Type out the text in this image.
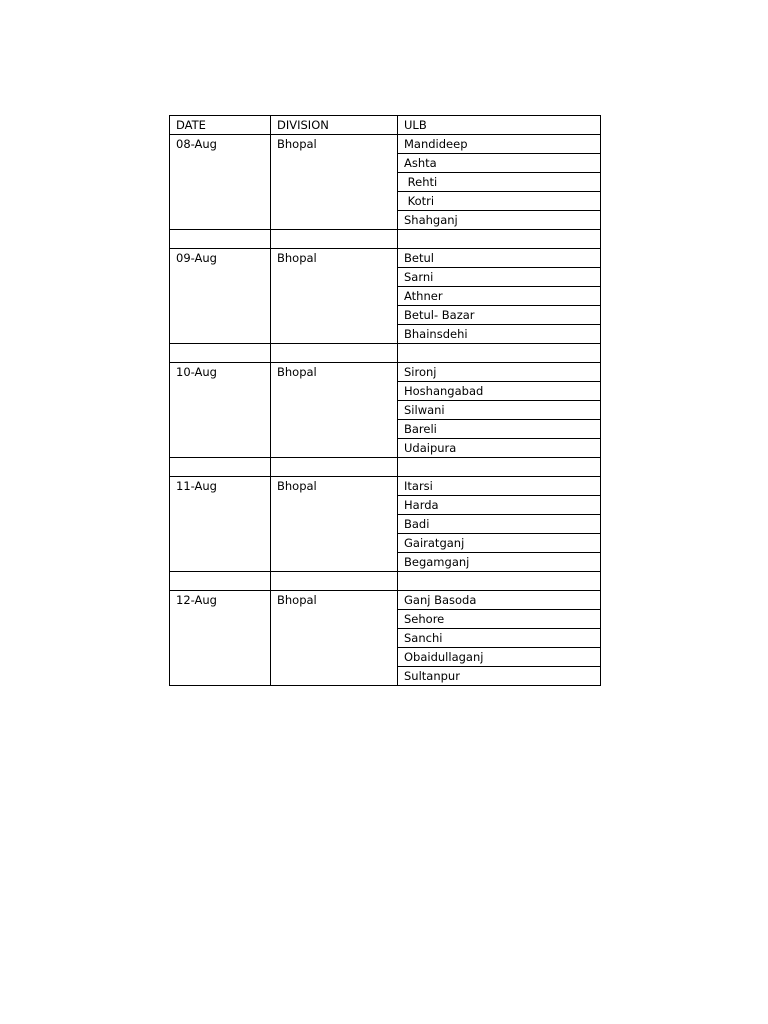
DATE	DIVISION	ULB
08-Aug	Bhopal	Mandideep
		Ashta
		Rehti
		Kotri
		Shahganj

09-Aug	Bhopal	Betul
		Sarni
		Athner
		Betul- Bazar
		Bhainsdehi

10-Aug	Bhopal	Sironj
		Hoshangabad
		Silwani
		Bareli
		Udaipura

11-Aug	Bhopal	Itarsi
		Harda
		Badi
		Gairatganj
		Begamganj

12-Aug	Bhopal	Ganj Basoda
		Sehore
		Sanchi
		Obaidullaganj
		Sultanpur
